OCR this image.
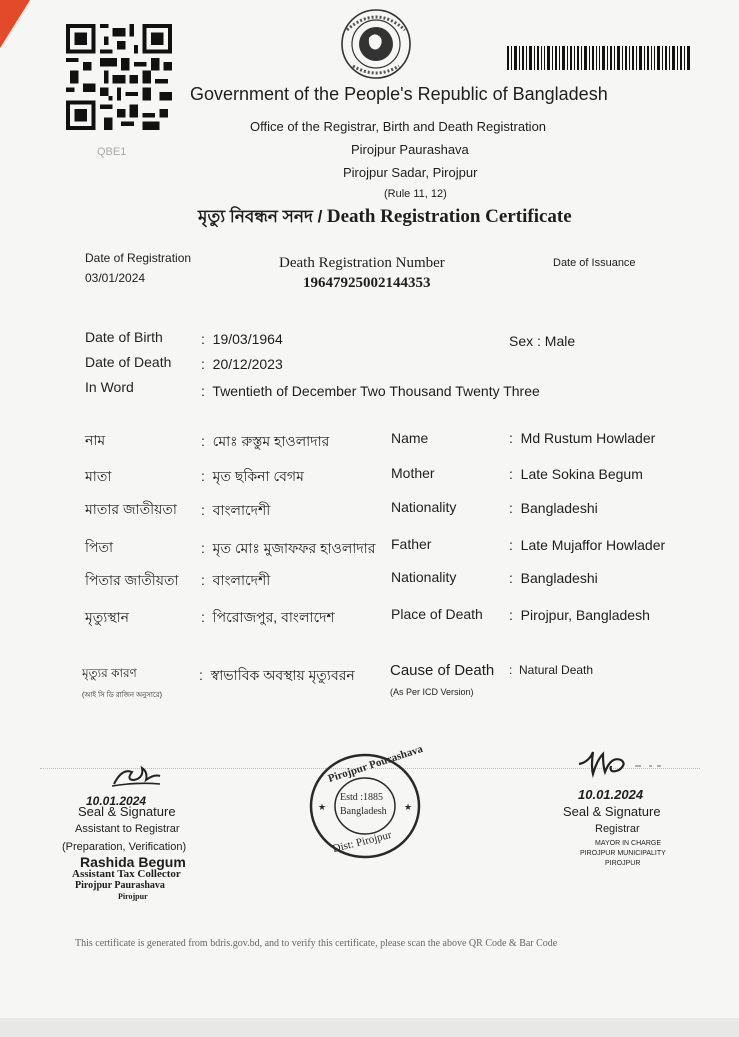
QBE1
Government of the People's Republic of Bangladesh
Office of the Registrar, Birth and Death Registration
Pirojpur Paurashava
Pirojpur Sadar, Pirojpur
(Rule 11, 12)
মৃত্যু নিবন্ধন সনদ / Death Registration Certificate
Date of Registration
03/01/2024
Death Registration Number
19647925002144353
Date of Issuance
Date of Birth	:  19/03/1964
Date of Death :  20/12/2023
In Word	:  Twentieth of December Two Thousand Twenty Three
Sex : Male
নাম	:  মোঃ রুস্তুম হাওলাদার	Name	:  Md Rustum Howlader
মাতা	:  মৃত ছকিনা বেগম	Mother	:  Late Sokina Begum
মাতার জাতীয়তা :  বাংলাদেশী	Nationality	:  Bangladeshi
পিতা	:  মৃত মোঃ মুজাফফর হাওলাদার Father	:  Late Mujaffor Howlader
পিতার জাতীয়তা :  বাংলাদেশী	Nationality	:  Bangladeshi
মৃত্যুস্থান	:  পিরোজপুর, বাংলাদেশ	Place of Death :  Pirojpur, Bangladesh
মৃত্যুর কারণ
(আই সি ডি রাজিন অনুসারে)
:  স্বাভাবিক অবস্থায় মৃত্যুবরন Cause of Death
(As Per ICD Version)
:  Natural Death
10.01.2024
Seal & Signature
Assistant to Registrar
(Preparation, Verification)
Rashida Begum
Assistant Tax Collector
Pirojpur Paurashava
Pirojpur
★	★
Pirojpur Pourashava
Estd :1885
Bangladesh
Dist: Pirojpur
10.01.2024
Seal & Signature
Registrar
MAYOR IN CHARGE
PIROJPUR MUNICIPALITY
PIROJPUR
This certificate is generated from bdris.gov.bd, and to verify this certificate, please scan the above QR Code & Bar Code
